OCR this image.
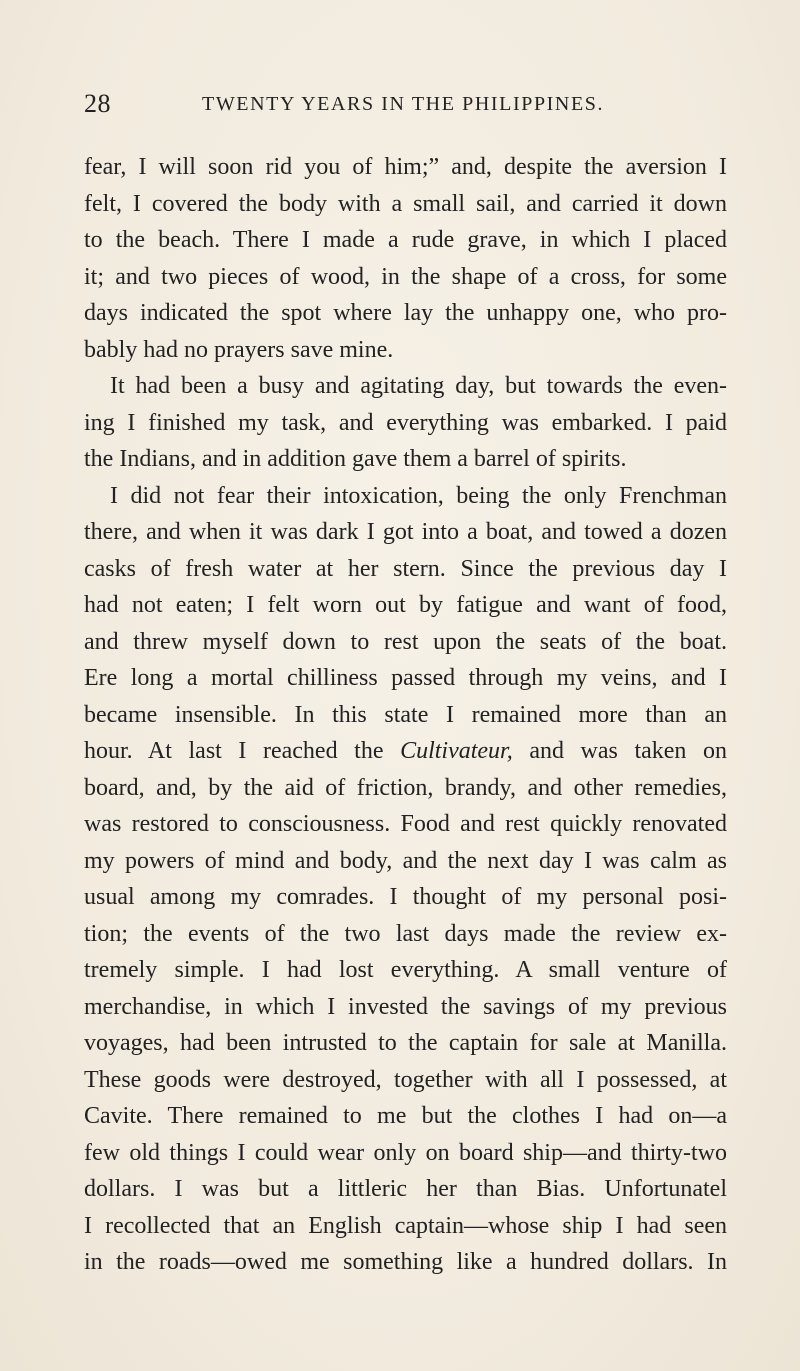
28	TWENTY YEARS IN THE PHILIPPINES.
fear, I will soon rid you of him;” and, despite the aversion I
felt, I covered the body with a small sail, and carried it down
to the beach. There I made a rude grave, in which I placed
it; and two pieces of wood, in the shape of a cross, for some
days indicated the spot where lay the unhappy one, who pro-
bably had no prayers save mine.
It had been a busy and agitating day, but towards the even-
ing I finished my task, and everything was embarked. I paid
the Indians, and in addition gave them a barrel of spirits.
I did not fear their intoxication, being the only Frenchman
there, and when it was dark I got into a boat, and towed a dozen
casks of fresh water at her stern. Since the previous day I
had not eaten; I felt worn out by fatigue and want of food,
and threw myself down to rest upon the seats of the boat.
Ere long a mortal chilliness passed through my veins, and I
became insensible. In this state I remained more than an
hour. At last I reached the Cultivateur, and was taken on
board, and, by the aid of friction, brandy, and other remedies,
was restored to consciousness. Food and rest quickly renovated
my powers of mind and body, and the next day I was calm as
usual among my comrades. I thought of my personal posi-
tion; the events of the two last days made the review ex-
tremely simple. I had lost everything. A small venture of
merchandise, in which I invested the savings of my previous
voyages, had been intrusted to the captain for sale at Manilla.
These goods were destroyed, together with all I possessed, at
Cavite. There remained to me but the clothes I had on—a
few old things I could wear only on board ship—and thirty-two
dollars. I was but a littleric her than Bias. Unfortunatel
I recollected that an English captain—whose ship I had seen
in the roads—owed me something like a hundred dollars. In
